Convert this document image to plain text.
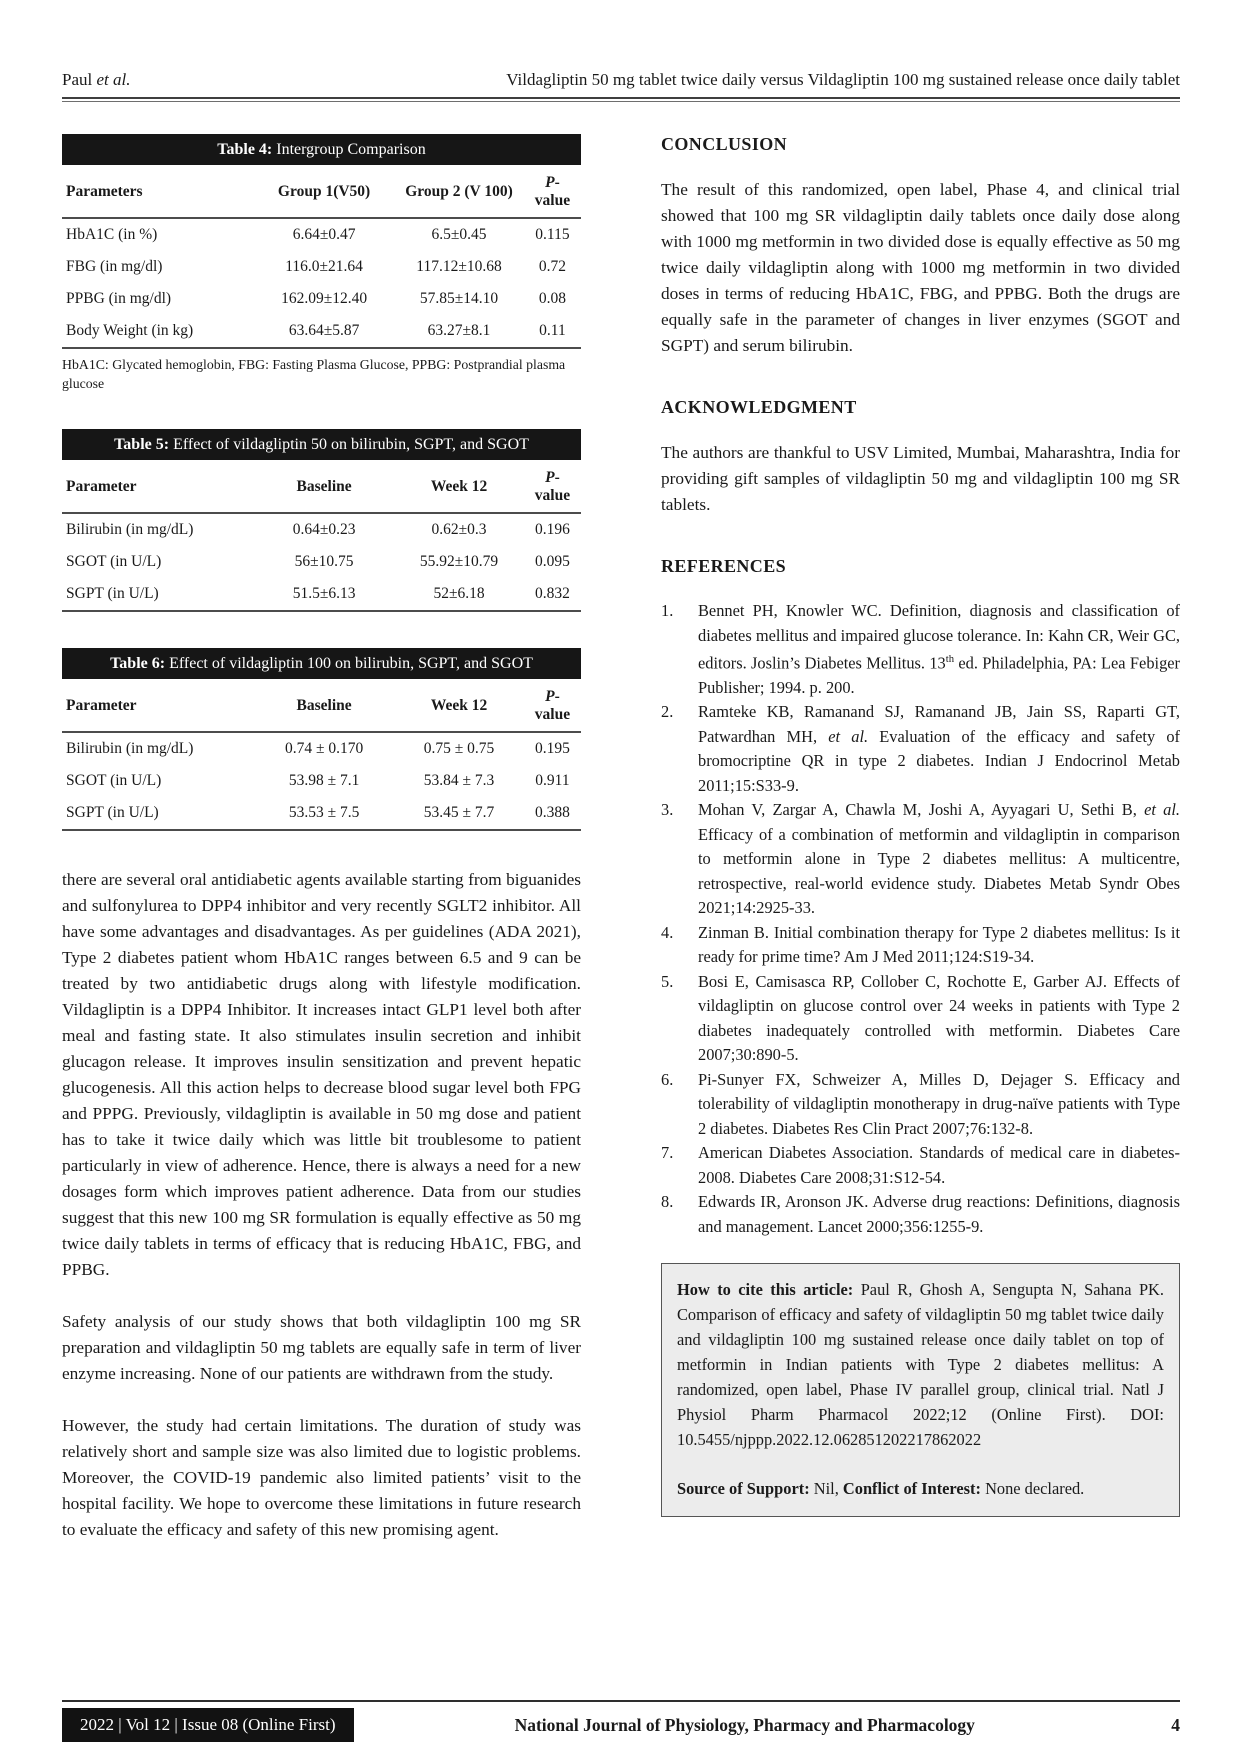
Paul et al.	Vildagliptin 50 mg tablet twice daily versus Vildagliptin 100 mg sustained release once daily tablet
Table 4: Intergroup Comparison
Parameters	Group 1(V50)	Group 2 (V 100)	P-value
HbA1C (in %)	6.64±0.47	6.5±0.45	0.115
FBG (in mg/dl)	116.0±21.64	117.12±10.68	0.72
PPBG (in mg/dl)	162.09±12.40	57.85±14.10	0.08
Body Weight (in kg)	63.64±5.87	63.27±8.1	0.11
HbA1C: Glycated hemoglobin, FBG: Fasting Plasma Glucose, PPBG: Postprandial plasma glucose
Table 5: Effect of vildagliptin 50 on bilirubin, SGPT, and SGOT
Parameter	Baseline	Week 12	P-value
Bilirubin (in mg/dL)	0.64±0.23	0.62±0.3	0.196
SGOT (in U/L)	56±10.75	55.92±10.79	0.095
SGPT (in U/L)	51.5±6.13	52±6.18	0.832
Table 6: Effect of vildagliptin 100 on bilirubin, SGPT, and SGOT
Parameter	Baseline	Week 12	P-value
Bilirubin (in mg/dL)	0.74 ± 0.170	0.75 ± 0.75	0.195
SGOT (in U/L)	53.98 ± 7.1	53.84 ± 7.3	0.911
SGPT (in U/L)	53.53 ± 7.5	53.45 ± 7.7	0.388

there are several oral antidiabetic agents available starting from biguanides and sulfonylurea to DPP4 inhibitor and very recently SGLT2 inhibitor. All have some advantages and disadvantages. As per guidelines (ADA 2021), Type 2 diabetes patient whom HbA1C ranges between 6.5 and 9 can be treated by two antidiabetic drugs along with lifestyle modification. Vildagliptin is a DPP4 Inhibitor. It increases intact GLP1 level both after meal and fasting state. It also stimulates insulin secretion and inhibit glucagon release. It improves insulin sensitization and prevent hepatic glucogenesis. All this action helps to decrease blood sugar level both FPG and PPPG. Previously, vildagliptin is available in 50 mg dose and patient has to take it twice daily which was little bit troublesome to patient particularly in view of adherence. Hence, there is always a need for a new dosages form which improves patient adherence. Data from our studies suggest that this new 100 mg SR formulation is equally effective as 50 mg twice daily tablets in terms of efficacy that is reducing HbA1C, FBG, and PPBG.

Safety analysis of our study shows that both vildagliptin 100 mg SR preparation and vildagliptin 50 mg tablets are equally safe in term of liver enzyme increasing. None of our patients are withdrawn from the study.

However, the study had certain limitations. The duration of study was relatively short and sample size was also limited due to logistic problems. Moreover, the COVID-19 pandemic also limited patients’ visit to the hospital facility. We hope to overcome these limitations in future research to evaluate the efficacy and safety of this new promising agent.

CONCLUSION

The result of this randomized, open label, Phase 4, and clinical trial showed that 100 mg SR vildagliptin daily tablets once daily dose along with 1000 mg metformin in two divided dose is equally effective as 50 mg twice daily vildagliptin along with 1000 mg metformin in two divided doses in terms of reducing HbA1C, FBG, and PPBG. Both the drugs are equally safe in the parameter of changes in liver enzymes (SGOT and SGPT) and serum bilirubin.

ACKNOWLEDGMENT

The authors are thankful to USV Limited, Mumbai, Maharashtra, India for providing gift samples of vildagliptin 50 mg and vildagliptin 100 mg SR tablets.

REFERENCES
1.	Bennet PH, Knowler WC. Definition, diagnosis and classification of diabetes mellitus and impaired glucose tolerance. In: Kahn CR, Weir GC, editors. Joslin’s Diabetes Mellitus. 13th ed. Philadelphia, PA: Lea Febiger Publisher; 1994. p. 200.
2.	Ramteke KB, Ramanand SJ, Ramanand JB, Jain SS, Raparti GT, Patwardhan MH, et al. Evaluation of the efficacy and safety of bromocriptine QR in type 2 diabetes. Indian J Endocrinol Metab 2011;15:S33-9.
3.	Mohan V, Zargar A, Chawla M, Joshi A, Ayyagari U, Sethi B, et al. Efficacy of a combination of metformin and vildagliptin in comparison to metformin alone in Type 2 diabetes mellitus: A multicentre, retrospective, real-world evidence study. Diabetes Metab Syndr Obes 2021;14:2925-33.
4.	Zinman B. Initial combination therapy for Type 2 diabetes mellitus: Is it ready for prime time? Am J Med 2011;124:S19-34.
5.	Bosi E, Camisasca RP, Collober C, Rochotte E, Garber AJ. Effects of vildagliptin on glucose control over 24 weeks in patients with Type 2 diabetes inadequately controlled with metformin. Diabetes Care 2007;30:890-5.
6.	Pi-Sunyer FX, Schweizer A, Milles D, Dejager S. Efficacy and tolerability of vildagliptin monotherapy in drug-naïve patients with Type 2 diabetes. Diabetes Res Clin Pract 2007;76:132-8.
7.	American Diabetes Association. Standards of medical care in diabetes-2008. Diabetes Care 2008;31:S12-54.
8.	Edwards IR, Aronson JK. Adverse drug reactions: Definitions, diagnosis and management. Lancet 2000;356:1255-9.

How to cite this article: Paul R, Ghosh A, Sengupta N, Sahana PK. Comparison of efficacy and safety of vildagliptin 50 mg tablet twice daily and vildagliptin 100 mg sustained release once daily tablet on top of metformin in Indian patients with Type 2 diabetes mellitus: A randomized, open label, Phase IV parallel group, clinical trial. Natl J Physiol Pharm Pharmacol 2022;12 (Online First). DOI: 10.5455/njppp.2022.12.062851202217862022

Source of Support: Nil, Conflict of Interest: None declared.

2022 | Vol 12 | Issue 08 (Online First)	National Journal of Physiology, Pharmacy and Pharmacology	4
